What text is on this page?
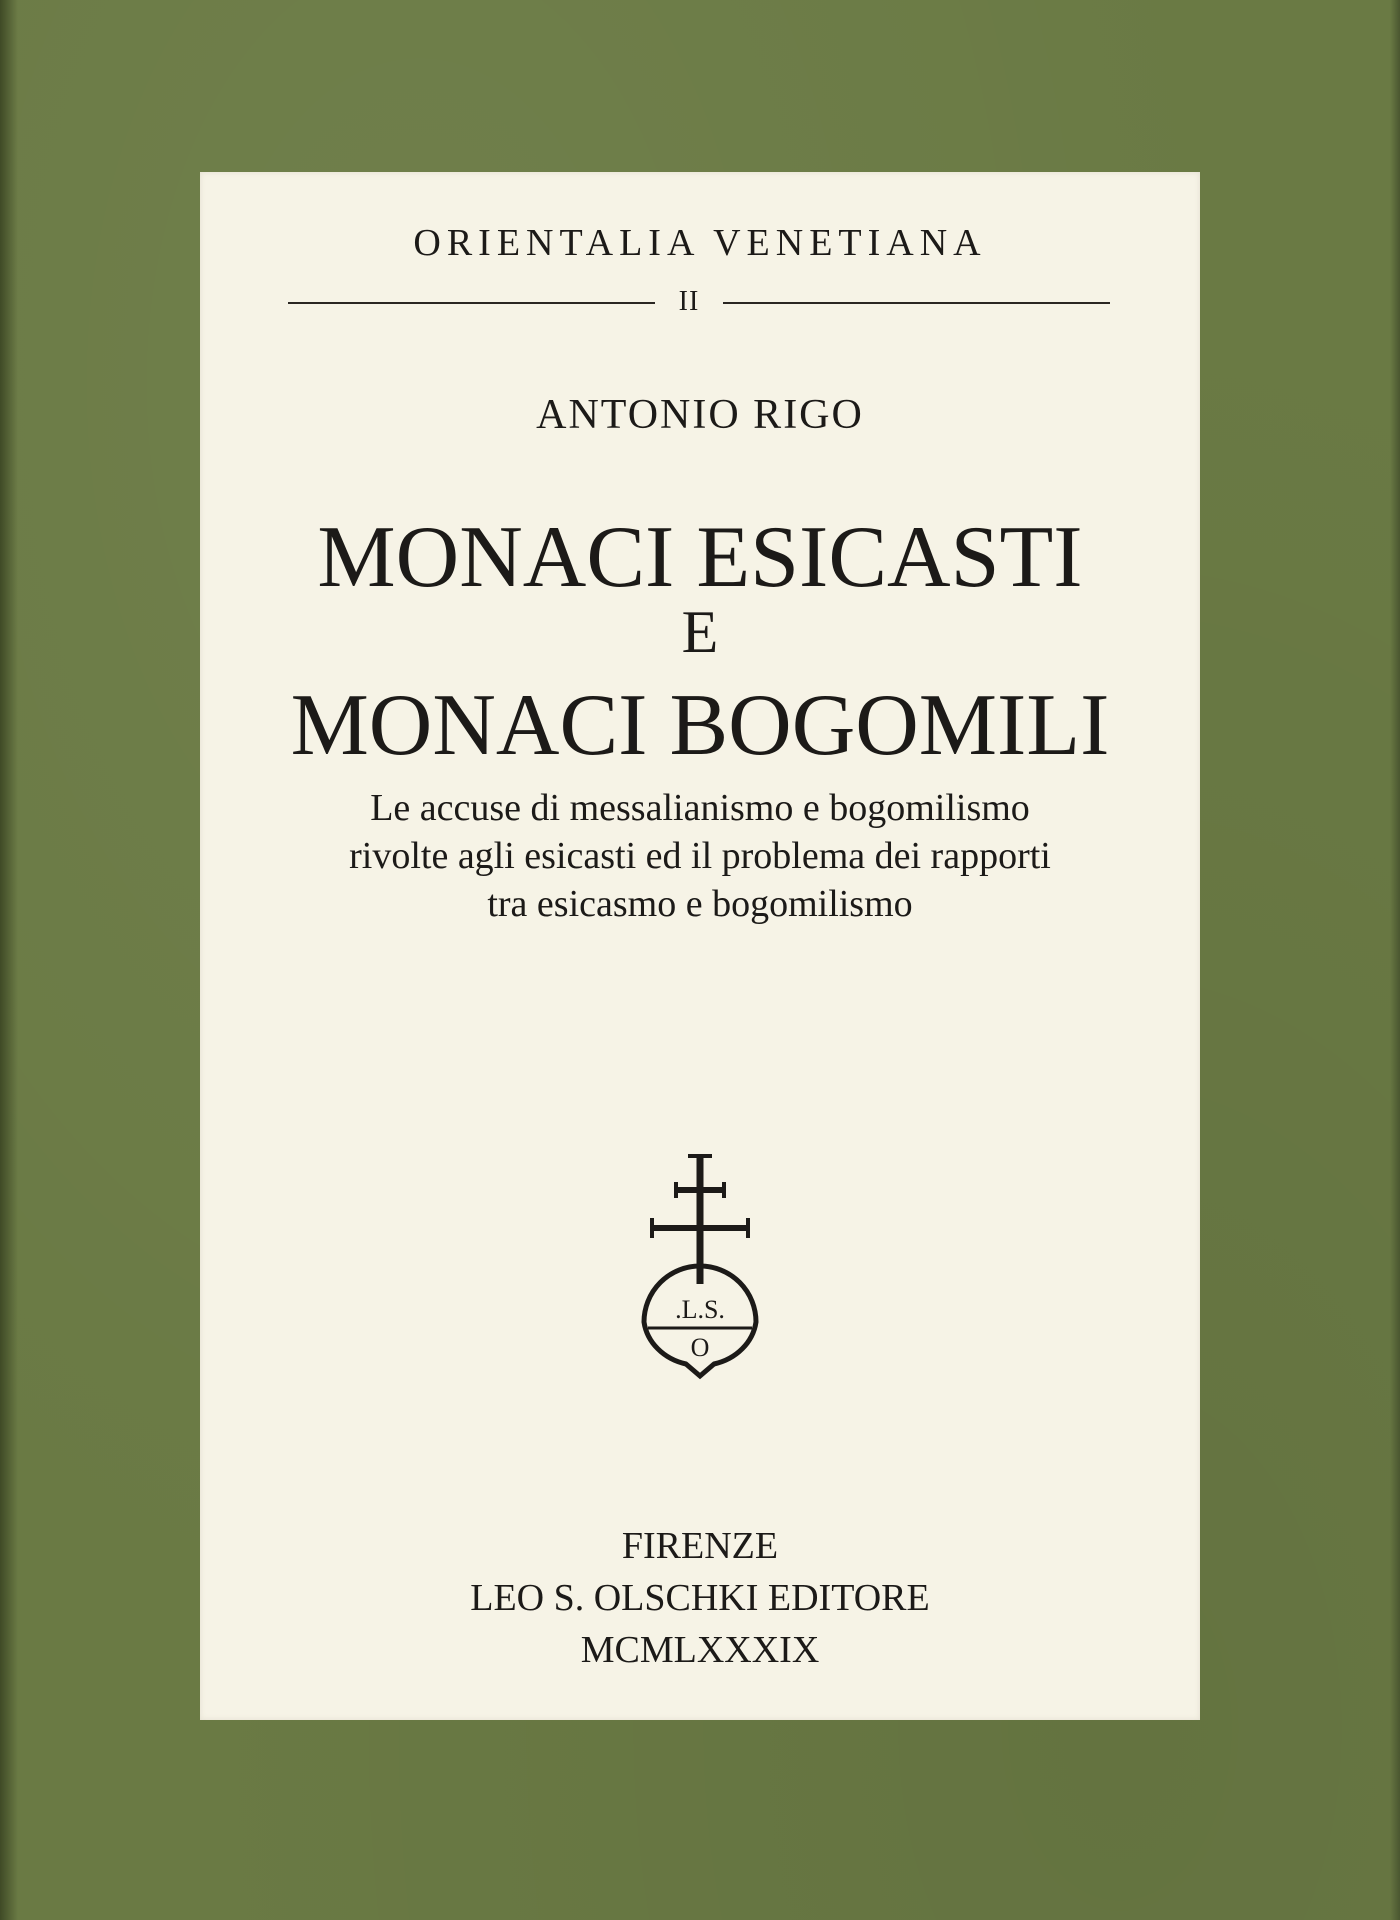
ORIENTALIA VENETIANA
II
ANTONIO RIGO
MONACI ESICASTI
E
MONACI BOGOMILI
Le accuse di messalianismo e bogomilismo
rivolte agli esicasti ed il problema dei rapporti
tra esicasmo e bogomilismo
.L.S.
O
FIRENZE
LEO S. OLSCHKI EDITORE
MCMLXXXIX
